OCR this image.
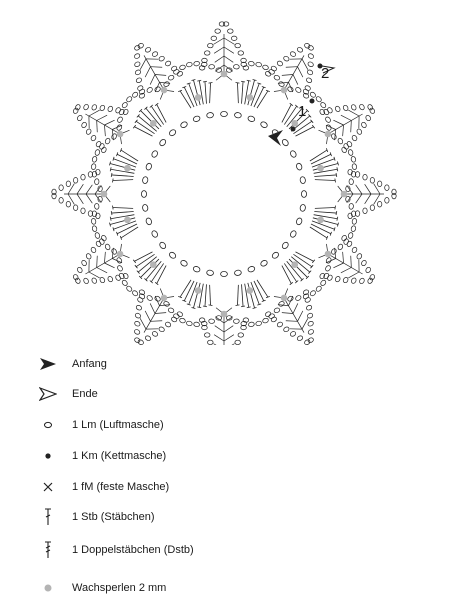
1
2
Anfang
Ende
1 Lm (Luftmasche)
1 Km (Kettmasche)
1 fM (feste Masche)
1 Stb (Stäbchen)
1 Doppelstäbchen (Dstb)
Wachsperlen 2 mm
